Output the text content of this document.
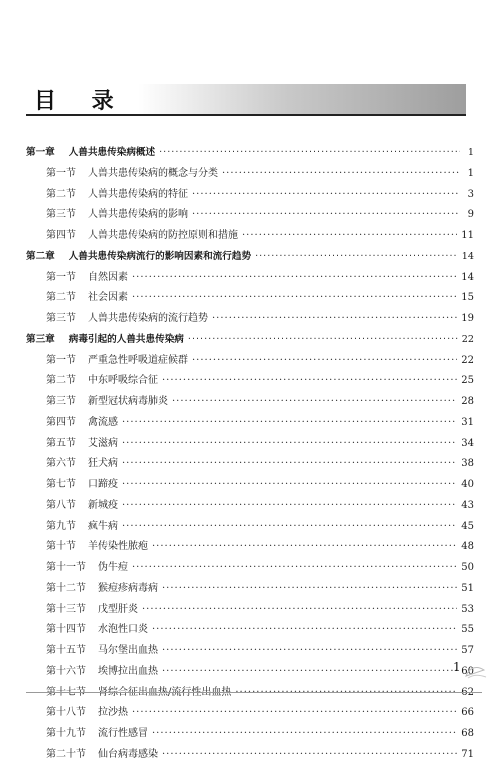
目 录
第一章 人兽共患传染病概述 ·····	1
第一节 人兽共患传染病的概念与分类 ·····	1
第二节 人兽共患传染病的特征 ·····	3
第三节 人兽共患传染病的影响 ·····	9
第四节 人兽共患传染病的防控原则和措施 ·····	11
第二章 人兽共患传染病流行的影响因素和流行趋势 ·····	14
第一节 自然因素 ·····	14
第二节 社会因素 ·····	15
第三节 人兽共患传染病的流行趋势 ·····	19
第三章 病毒引起的人兽共患传染病 ·····	22
第一节 严重急性呼吸道症候群 ·····	22
第二节 中东呼吸综合征 ·····	25
第三节 新型冠状病毒肺炎 ·····	28
第四节 禽流感 ·····	31
第五节 艾滋病 ·····	34
第六节 狂犬病 ·····	38
第七节 口蹄疫 ·····	40
第八节 新城疫 ·····	43
第九节 疯牛病 ·····	45
第十节 羊传染性脓疱 ·····	48
第十一节 伪牛痘 ·····	50
第十二节 猴痘疹病毒病 ·····	51
第十三节 戊型肝炎 ·····	53
第十四节 水泡性口炎 ·····	55
第十五节 马尔堡出血热 ·····	57
第十六节 埃博拉出血热 ·····	60
第十七节 肾综合征出血热/流行性出血热 ·····	62
第十八节 拉沙热 ·····	66
第十九节 流行性感冒 ·····	68
第二十节 仙台病毒感染 ·····	71
1
